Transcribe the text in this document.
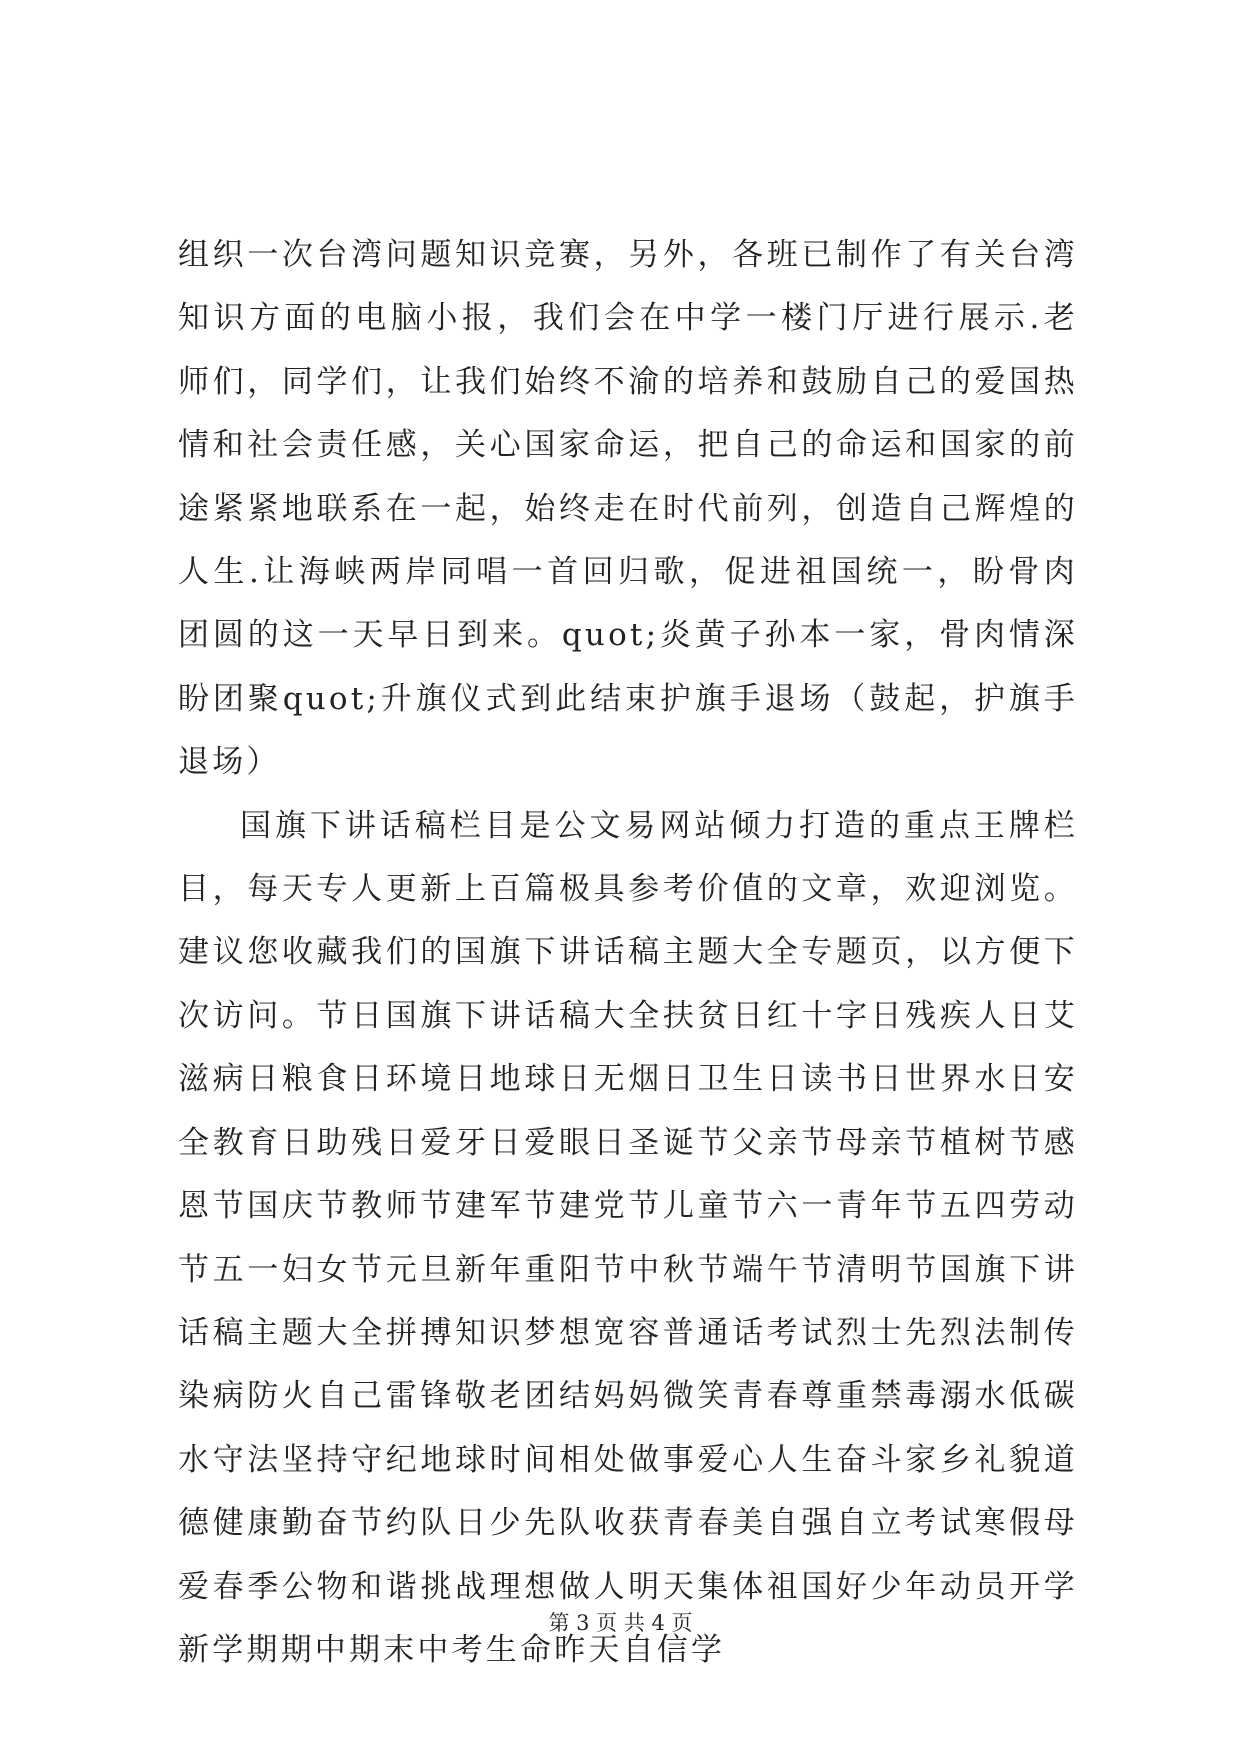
组织一次台湾问题知识竞赛，另外，各班已制作了有关台湾知识方面的电脑小报，我们会在中学一楼门厅进行展示.老师们，同学们，让我们始终不渝的培养和鼓励自己的爱国热情和社会责任感，关心国家命运，把自己的命运和国家的前途紧紧地联系在一起，始终走在时代前列，创造自己辉煌的人生.让海峡两岸同唱一首回归歌，促进祖国统一，盼骨肉团圆的这一天早日到来。quot;炎黄子孙本一家，骨肉情深盼团聚quot;升旗仪式到此结束护旗手退场（鼓起，护旗手退场）

国旗下讲话稿栏目是公文易网站倾力打造的重点王牌栏目，每天专人更新上百篇极具参考价值的文章，欢迎浏览。建议您收藏我们的国旗下讲话稿主题大全专题页，以方便下次访问。节日国旗下讲话稿大全扶贫日红十字日残疾人日艾滋病日粮食日环境日地球日无烟日卫生日读书日世界水日安全教育日助残日爱牙日爱眼日圣诞节父亲节母亲节植树节感恩节国庆节教师节建军节建党节儿童节六一青年节五四劳动节五一妇女节元旦新年重阳节中秋节端午节清明节国旗下讲话稿主题大全拼搏知识梦想宽容普通话考试烈士先烈法制传染病防火自己雷锋敬老团结妈妈微笑青春尊重禁毒溺水低碳水守法坚持守纪地球时间相处做事爱心人生奋斗家乡礼貌道德健康勤奋节约队日少先队收获青春美自强自立考试寒假母爱春季公物和谐挑战理想做人明天集体祖国好少年动员开学新学期期中期末中考生命昨天自信学

第 3 页 共 4 页
